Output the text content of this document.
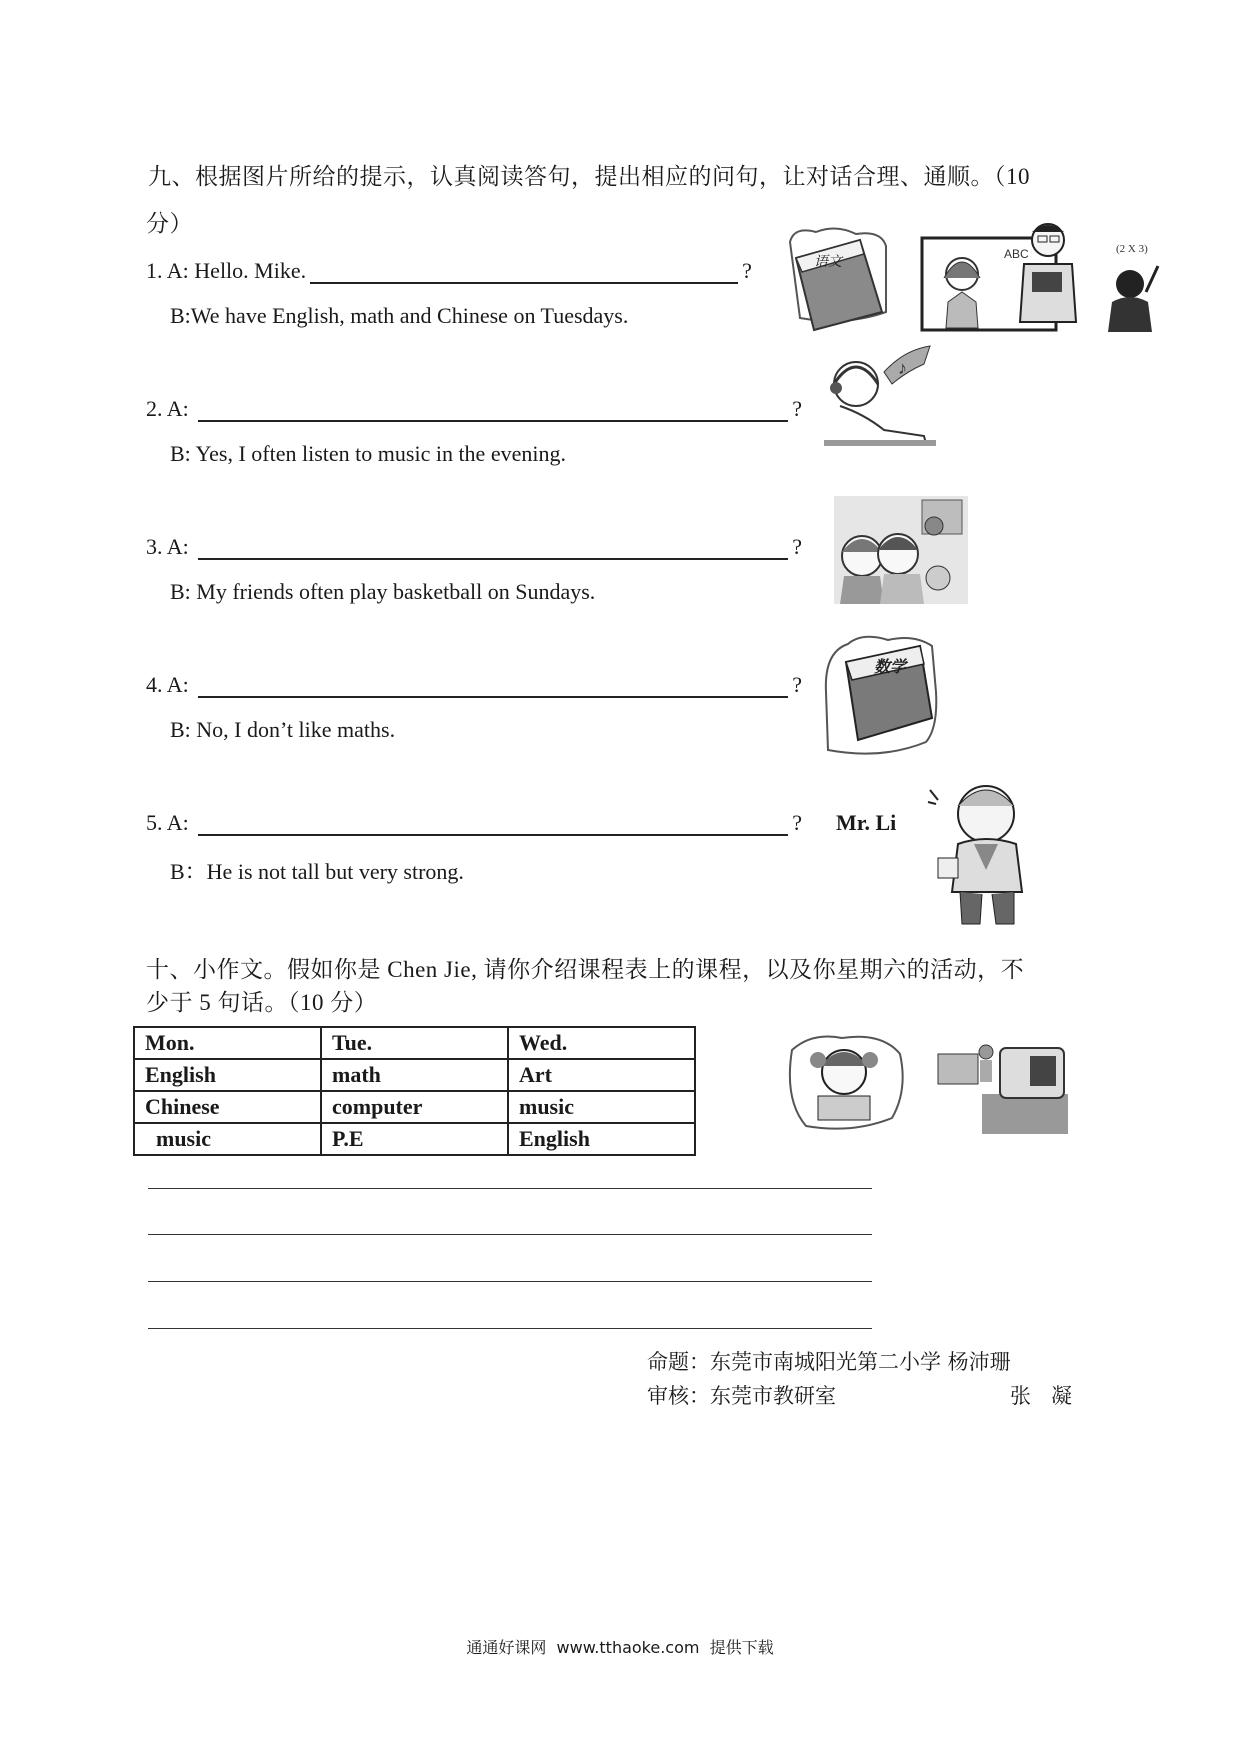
九、根据图片所给的提示，认真阅读答句，提出相应的问句，让对话合理、通顺。（10
分）
1. A: Hello. Mike.	?
B:We have English, math and Chinese on Tuesdays.
2. A:	?
B: Yes, I often listen to music in the evening.
3. A:	?
B: My friends often play basketball on Sundays.
4. A:	?
B: No, I don’t like maths.
5. A:	?
B：He is not tall but very strong.
Mr. Li
语文
ABC	(2 X 3)
♪
数学
十、小作文。假如你是 Chen Jie, 请你介绍课程表上的课程，以及你星期六的活动，不
少于 5 句话。（10 分）
Mon.	Tue.	Wed.
English	math	Art
Chinese	computer	music
music	P.E	English
命题：东莞市南城阳光第二小学 杨沛珊
审核：东莞市教研室	张   凝
通通好课网  www.tthaoke.com  提供下载
